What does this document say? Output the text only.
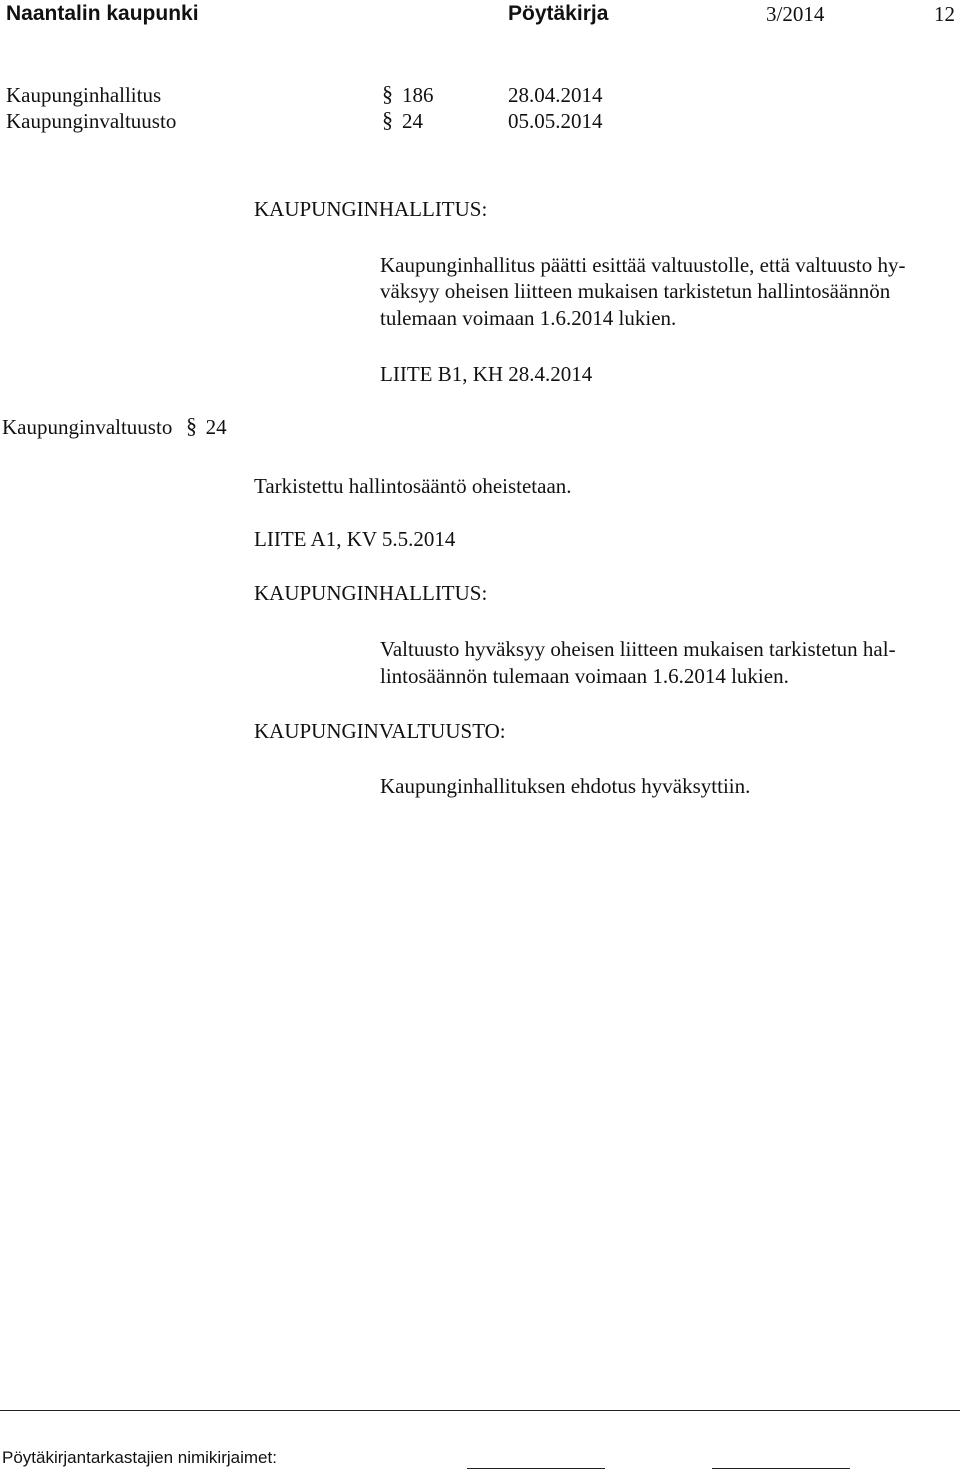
Naantalin kaupunki	Pöytäkirja	3/2014	12
Kaupunginhallitus	§ 186	28.04.2014
Kaupunginvaltuusto	§ 24	05.05.2014
KAUPUNGINHALLITUS:
Kaupunginhallitus päätti esittää valtuustolle, että valtuusto hy-
väksyy oheisen liitteen mukaisen tarkistetun hallintosäännön
tulemaan voimaan 1.6.2014 lukien.
LIITE B1, KH 28.4.2014
Kaupunginvaltuusto § 24
Tarkistettu hallintosääntö oheistetaan.
LIITE A1, KV 5.5.2014
KAUPUNGINHALLITUS:
Valtuusto hyväksyy oheisen liitteen mukaisen tarkistetun hal-
lintosäännön tulemaan voimaan 1.6.2014 lukien.
KAUPUNGINVALTUUSTO:
Kaupunginhallituksen ehdotus hyväksyttiin.
Pöytäkirjantarkastajien nimikirjaimet:
